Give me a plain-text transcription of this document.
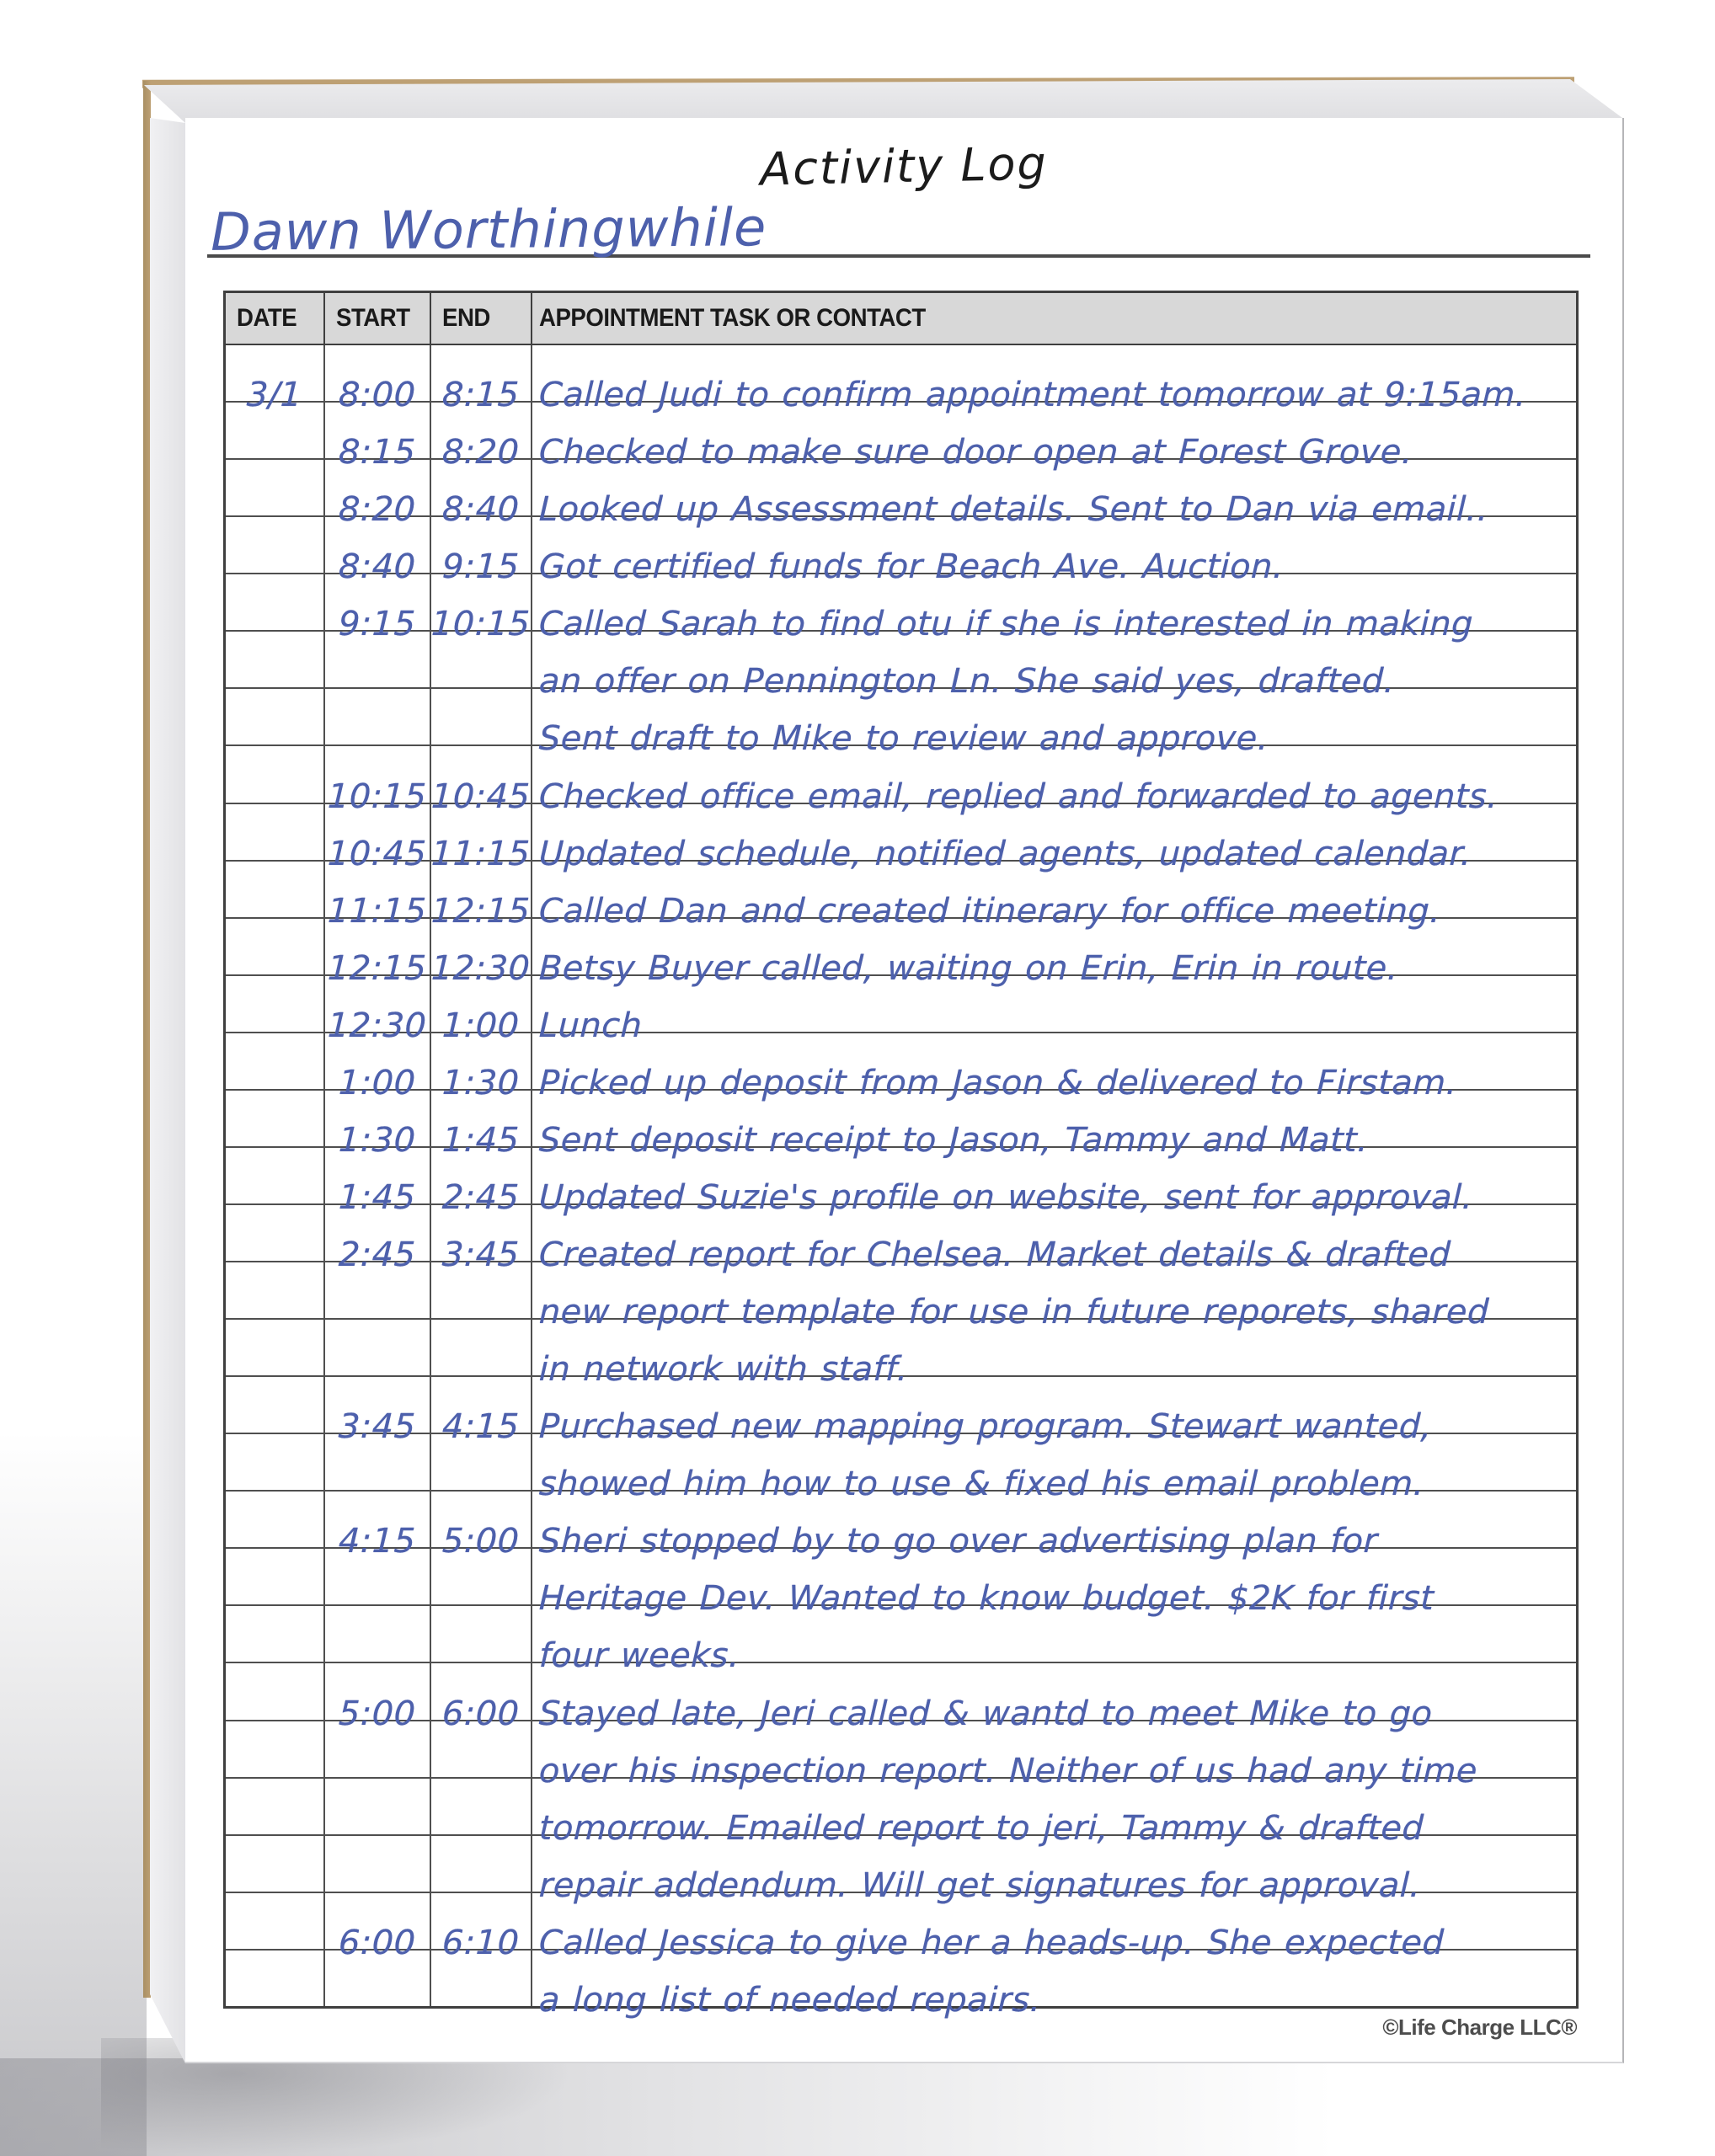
Activity Log
Dawn Worthingwhile
DATE START END APPOINTMENT TASK OR CONTACT
3/1 8:00 8:15 Called Judi to confirm appointment tomorrow at 9:15am.
8:15 8:20 Checked to make sure door open at Forest Grove.
8:20 8:40 Looked up Assessment details. Sent to Dan via email..
8:40 9:15 Got certified funds for Beach Ave. Auction.
9:15 10:15 Called Sarah to find otu if she is interested in making
an offer on Pennington Ln. She said yes, drafted.
Sent draft to Mike to review and approve.
10:15 10:45 Checked office email, replied and forwarded to agents.
10:45 11:15 Updated schedule, notified agents, updated calendar.
11:15 12:15 Called Dan and created itinerary for office meeting.
12:15 12:30 Betsy Buyer called, waiting on Erin, Erin in route.
12:30 1:00 Lunch
1:00 1:30 Picked up deposit from Jason & delivered to Firstam.
1:30 1:45 Sent deposit receipt to Jason, Tammy and Matt.
1:45 2:45 Updated Suzie's profile on website, sent for approval.
2:45 3:45 Created report for Chelsea. Market details & drafted
new report template for use in future reporets, shared
in network with staff.
3:45 4:15 Purchased new mapping program. Stewart wanted,
showed him how to use & fixed his email problem.
4:15 5:00 Sheri stopped by to go over advertising plan for
Heritage Dev. Wanted to know budget. $2K for first
four weeks.
5:00 6:00 Stayed late, Jeri called & wantd to meet Mike to go
over his inspection report. Neither of us had any time
tomorrow. Emailed report to jeri, Tammy & drafted
repair addendum. Will get signatures for approval.
6:00 6:10 Called Jessica to give her a heads-up. She expected
a long list of needed repairs.
©Life Charge LLC®
